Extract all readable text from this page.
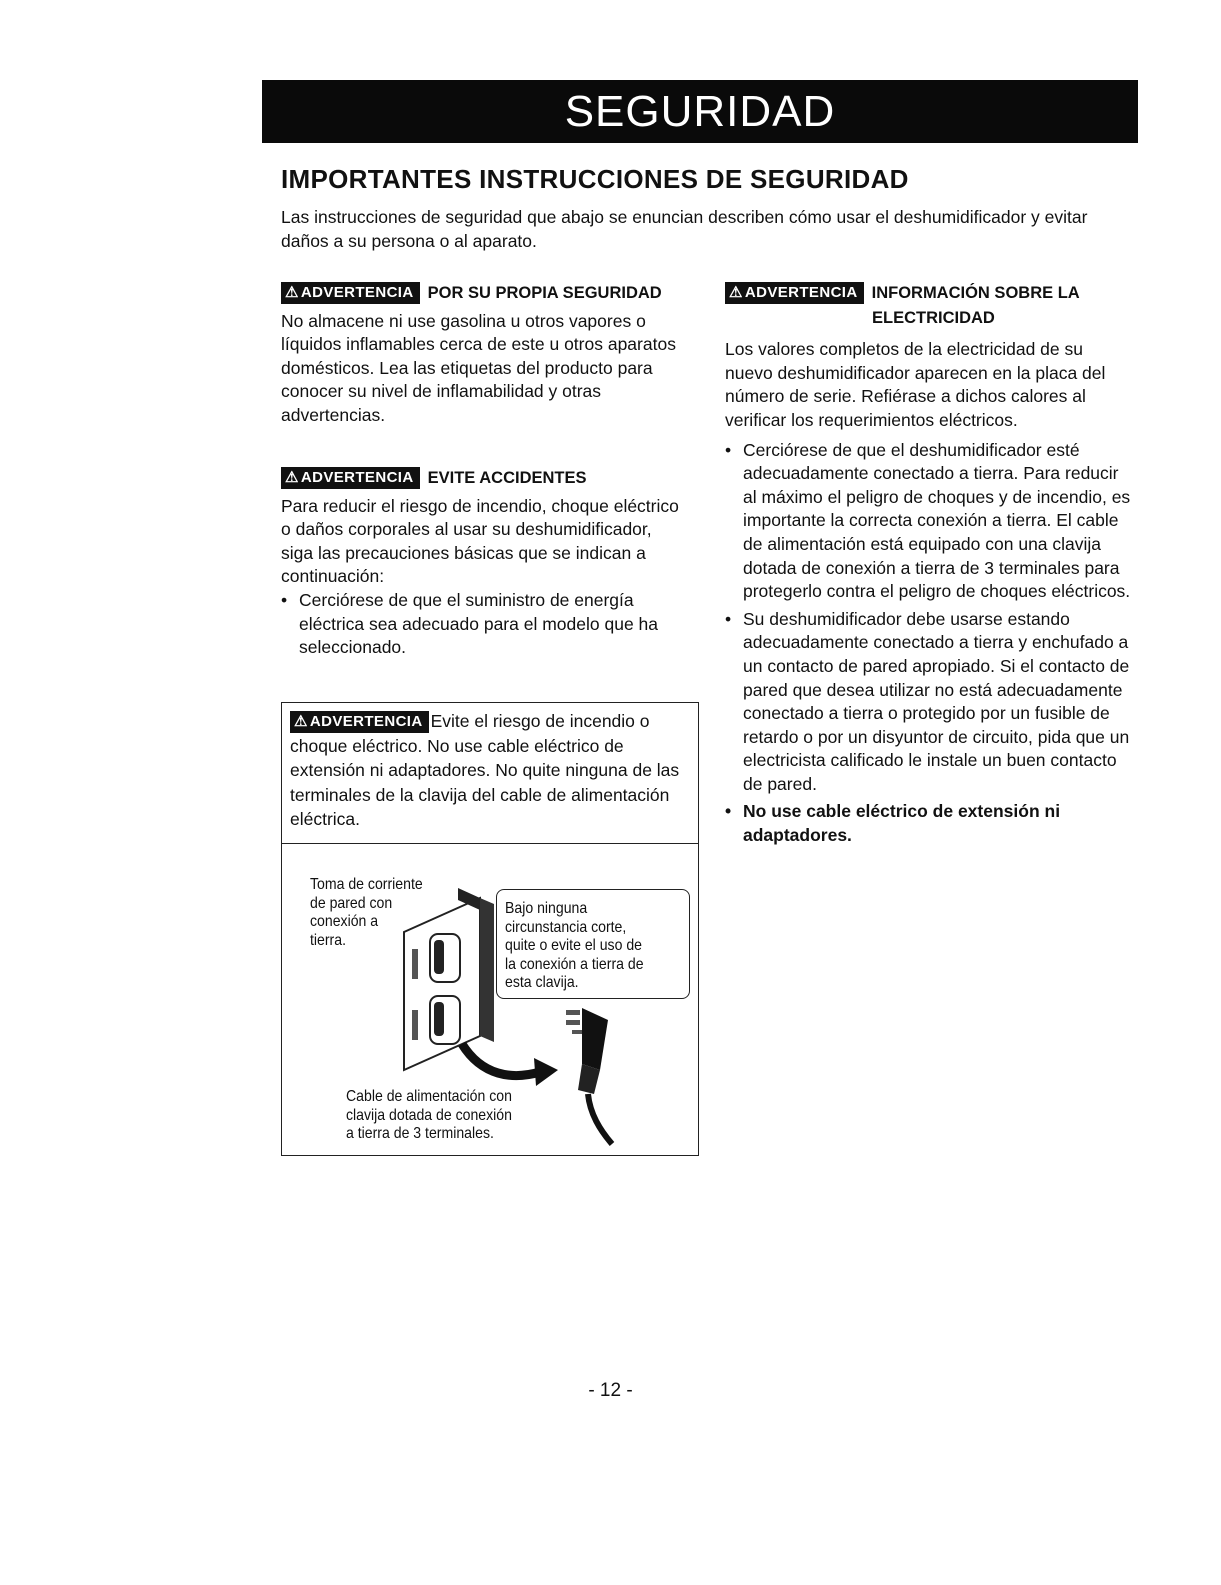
SEGURIDAD
IMPORTANTES INSTRUCCIONES DE SEGURIDAD
Las instrucciones de seguridad que abajo se enuncian describen cómo usar el deshumidificador y evitar daños a su persona o al aparato.

⚠ ADVERTENCIA POR SU PROPIA SEGURIDAD

No almacene ni use gasolina u otros vapores o líquidos inflamables cerca de este u otros aparatos domésticos. Lea las etiquetas del producto para conocer su nivel de inflamabilidad y otras advertencias.

⚠ ADVERTENCIA EVITE ACCIDENTES

Para reducir el riesgo de incendio, choque eléctrico o daños corporales al usar su deshumidificador, siga las precauciones básicas que se indican a continuación:

• Cerciórese de que el suministro de energía eléctrica sea adecuado para el modelo que ha seleccionado.

⚠ ADVERTENCIA Evite el riesgo de incendio o choque eléctrico. No use cable eléctrico de extensión ni adaptadores. No quite ninguna de las terminales de la clavija del cable de alimentación eléctrica.
Toma de corriente
de pared con
conexión a
tierra.
Bajo ninguna
circunstancia corte,
quite o evite el uso de
la conexión a tierra de
esta clavija.
Cable de alimentación con
clavija dotada de conexión
a tierra de 3 terminales.

⚠ ADVERTENCIA INFORMACIÓN SOBRE LA
ELECTRICIDAD

Los valores completos de la electricidad de su nuevo deshumidificador aparecen en la placa del número de serie. Refiérase a dichos calores al verificar los requerimientos eléctricos.

• Cerciórese de que el deshumidificador esté adecuadamente conectado a tierra. Para reducir al máximo el peligro de choques y de incendio, es importante la correcta conexión a tierra. El cable de alimentación está equipado con una clavija dotada de conexión a tierra de 3 terminales para protegerlo contra el peligro de choques eléctricos.

• Su deshumidificador debe usarse estando adecuadamente conectado a tierra y enchufado a un contacto de pared apropiado. Si el contacto de pared que desea utilizar no está adecuadamente conectado a tierra o protegido por un fusible de retardo o por un disyuntor de circuito, pida que un electricista calificado le instale un buen contacto de pared.

• No use cable eléctrico de extensión ni adaptadores.

- 12 -
